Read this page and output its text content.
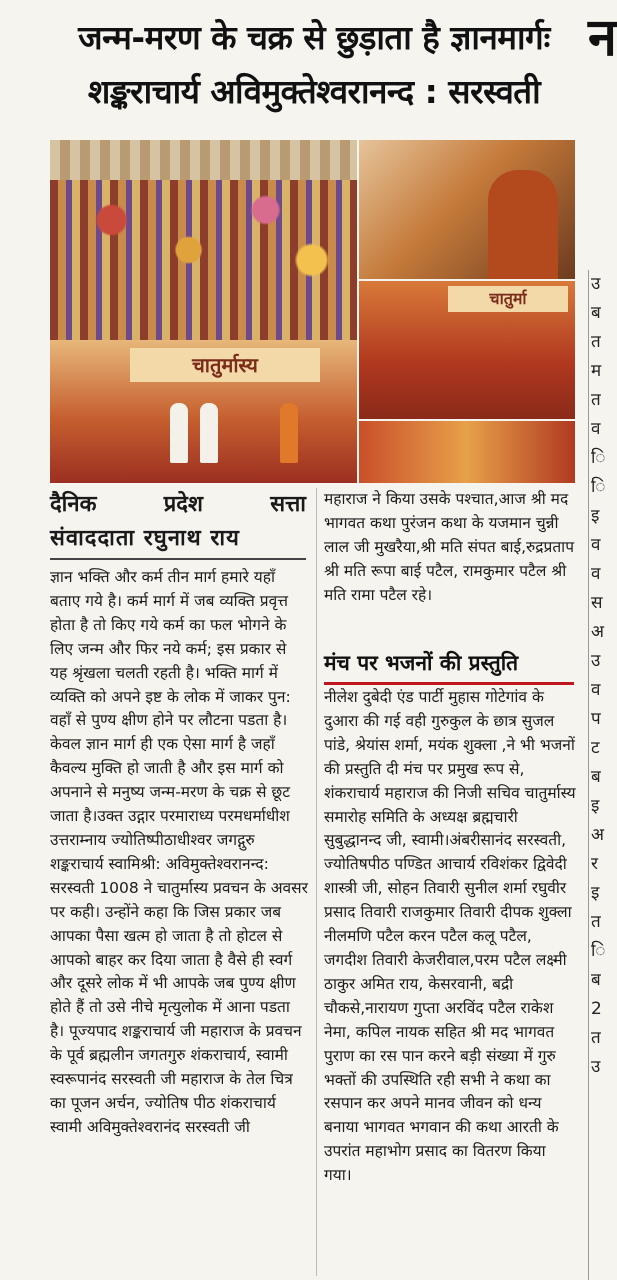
जन्म-मरण के चक्र से छुड़ाता है ज्ञानमार्गः
शङ्कराचार्य अविमुक्तेश्वरानन्द : सरस्वती
न
चातुर्मास्य
चातुर्मा
दैनिक	प्रदेश	सत्ता
संवाददाता रघुनाथ राय

ज्ञान भक्ति और कर्म तीन मार्ग हमारे यहाँ बताए गये है। कर्म मार्ग में जब व्यक्ति प्रवृत्त होता है तो किए गये कर्म का फल भोगने के लिए जन्म और फिर नये कर्म; इस प्रकार से यह श्रृंखला चलती रहती है। भक्ति मार्ग में व्यक्ति को अपने इष्ट के लोक में जाकर पुन: वहाँ से पुण्य क्षीण होने पर लौटना पडता है। केवल ज्ञान मार्ग ही एक ऐसा मार्ग है जहाँ कैवल्य मुक्ति हो जाती है और इस मार्ग को अपनाने से मनुष्य जन्म-मरण के चक्र से छूट जाता है।उक्त उद्गार परमाराध्य परमधर्माधीश उत्तराम्नाय ज्योतिष्पीठाधीश्वर जगद्गुरु शङ्कराचार्य स्वामिश्री: अविमुक्तेश्वरानन्द: सरस्वती 1008 ने चातुर्मास्य प्रवचन के अवसर पर कही। उन्होंने कहा कि जिस प्रकार जब आपका पैसा खत्म हो जाता है तो होटल से आपको बाहर कर दिया जाता है वैसे ही स्वर्ग और दूसरे लोक में भी आपके जब पुण्य क्षीण होते हैं तो उसे नीचे मृत्युलोक में आना पडता है। पूज्यपाद शङ्कराचार्य जी महाराज के प्रवचन के पूर्व ब्रह्मलीन जगतगुरु शंकराचार्य, स्वामी स्वरूपानंद सरस्वती जी महाराज के तेल चित्र का पूजन अर्चन, ज्योतिष पीठ शंकराचार्य स्वामी अविमुक्तेश्वरानंद सरस्वती जी

महाराज ने किया उसके पश्चात,आज श्री मद भागवत कथा पुरंजन कथा के यजमान चुन्नी लाल जी मुखरैया,श्री मति संपत बाई,रुद्रप्रताप श्री मति रूपा बाई पटैल, रामकुमार पटैल श्री मति रामा पटैल रहे।

मंच पर भजनों की प्रस्तुति

नीलेश दुबेदी एंड पार्टी मुहास गोटेगांव के दुआरा की गई वही गुरुकुल के छात्र सुजल पांडे, श्रेयांस शर्मा, मयंक शुक्ला ,ने भी भजनों की प्रस्तुति दी मंच पर प्रमुख रूप से, शंकराचार्य महाराज की निजी सचिव चातुर्मास्य समारोह समिति के अध्यक्ष ब्रह्मचारी सुबुद्धानन्द जी, स्वामी।अंबरीसानंद सरस्वती, ज्योतिषपीठ पण्डित आचार्य रविशंकर द्विवेदी शास्त्री जी, सोहन तिवारी सुनील शर्मा रघुवीर प्रसाद तिवारी राजकुमार तिवारी दीपक शुक्ला नीलमणि पटैल करन पटैल कलू पटैल, जगदीश तिवारी केजरीवाल,परम पटैल लक्ष्मी ठाकुर अमित राय, केसरवानी, बद्री चौकसे,नारायण गुप्ता अरविंद पटैल राकेश नेमा, कपिल नायक सहित श्री मद भागवत पुराण का रस पान करने बड़ी संख्या में गुरु भक्तों की उपस्थिति रही सभी ने कथा का रसपान कर अपने मानव जीवन को धन्य बनाया भागवत भगवान की कथा आरती के उपरांत महाभोग प्रसाद का वितरण किया गया।

उ
ब
त
म
त
व
ि
ि
इ
व
व
स
अ
उ
व
प
ट
ब
इ
अ
र
इ
त
ि
ब
2
त
उ
